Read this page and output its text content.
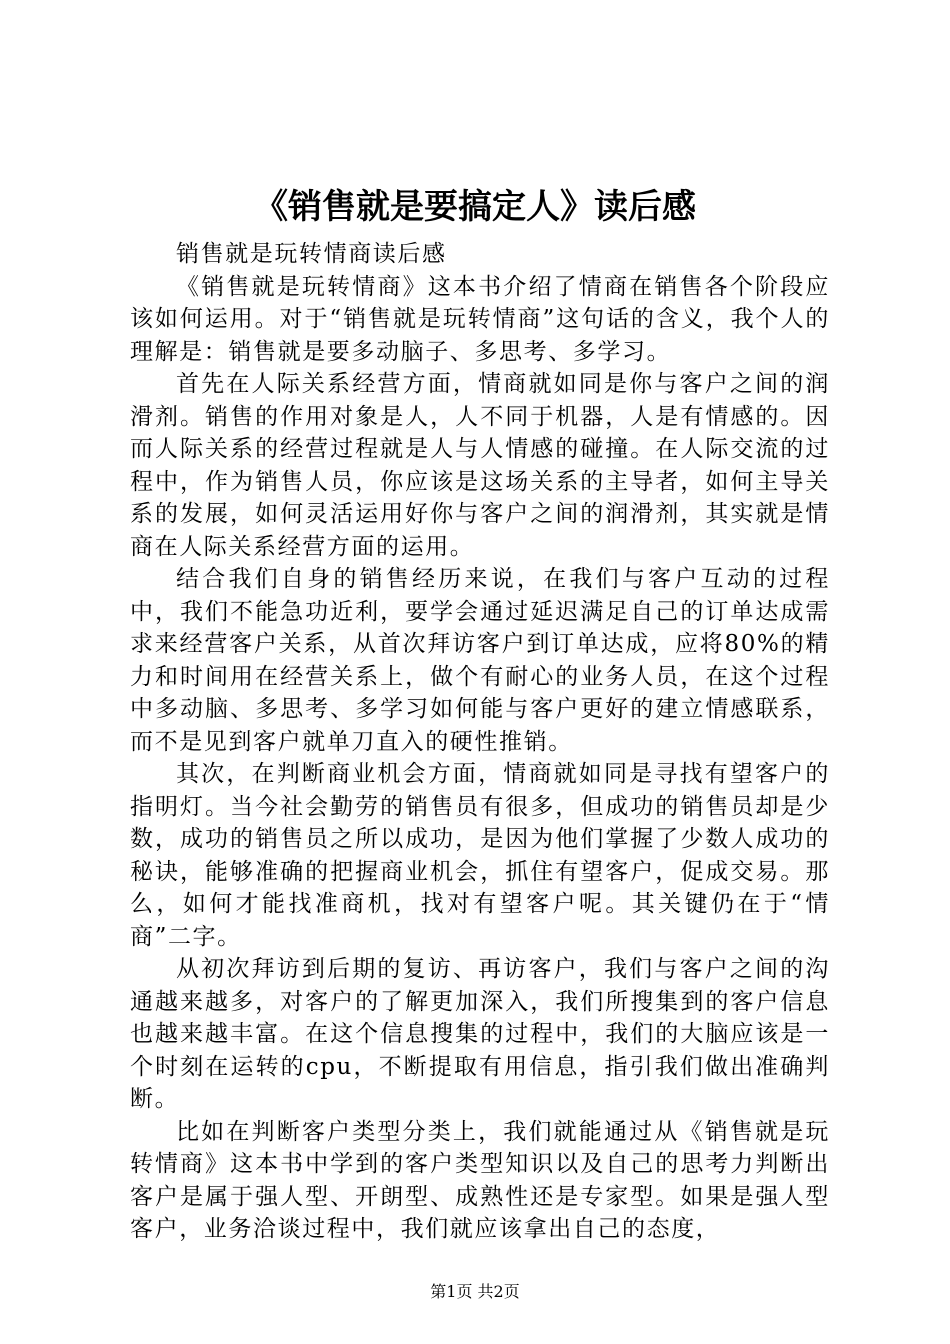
《销售就是要搞定人》读后感

销售就是玩转情商读后感

《销售就是玩转情商》这本书介绍了情商在销售各个阶段应该如何运用。对于“销售就是玩转情商”这句话的含义，我个人的理解是：销售就是要多动脑子、多思考、多学习。

首先在人际关系经营方面，情商就如同是你与客户之间的润滑剂。销售的作用对象是人，人不同于机器，人是有情感的。因而人际关系的经营过程就是人与人情感的碰撞。在人际交流的过程中，作为销售人员，你应该是这场关系的主导者，如何主导关系的发展，如何灵活运用好你与客户之间的润滑剂，其实就是情商在人际关系经营方面的运用。

结合我们自身的销售经历来说，在我们与客户互动的过程中，我们不能急功近利，要学会通过延迟满足自己的订单达成需求来经营客户关系，从首次拜访客户到订单达成，应将80%的精力和时间用在经营关系上，做个有耐心的业务人员，在这个过程中多动脑、多思考、多学习如何能与客户更好的建立情感联系，而不是见到客户就单刀直入的硬性推销。

其次，在判断商业机会方面，情商就如同是寻找有望客户的指明灯。当今社会勤劳的销售员有很多，但成功的销售员却是少数，成功的销售员之所以成功，是因为他们掌握了少数人成功的秘诀，能够准确的把握商业机会，抓住有望客户，促成交易。那么，如何才能找准商机，找对有望客户呢。其关键仍在于“情商”二字。

从初次拜访到后期的复访、再访客户，我们与客户之间的沟通越来越多，对客户的了解更加深入，我们所搜集到的客户信息也越来越丰富。在这个信息搜集的过程中，我们的大脑应该是一个时刻在运转的cpu，不断提取有用信息，指引我们做出准确判断。

比如在判断客户类型分类上，我们就能通过从《销售就是玩转情商》这本书中学到的客户类型知识以及自己的思考力判断出客户是属于强人型、开朗型、成熟性还是专家型。如果是强人型客户，业务洽谈过程中，我们就应该拿出自己的态度，

第1页 共2页
